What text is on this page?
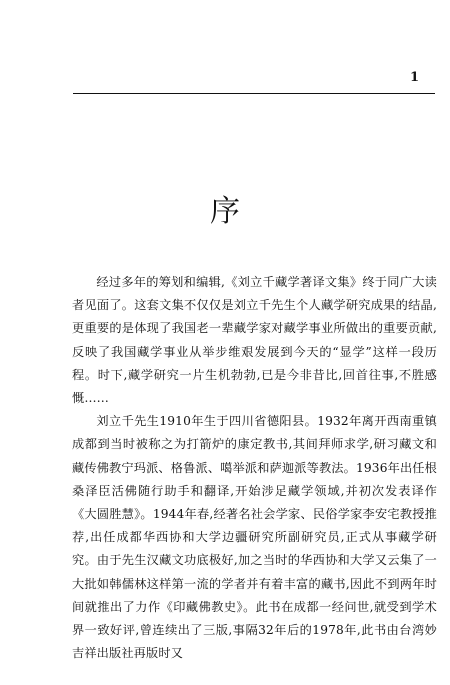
1
序

经过多年的筹划和编辑,《刘立千藏学著译文集》终于同广大读者见面了。这套文集不仅仅是刘立千先生个人藏学研究成果的结晶,更重要的是体现了我国老一辈藏学家对藏学事业所做出的重要贡献,反映了我国藏学事业从举步维艰发展到今天的“显学”这样一段历程。时下,藏学研究一片生机勃勃,已是今非昔比,回首往事,不胜感慨……

刘立千先生1910年生于四川省德阳县。1932年离开西南重镇成都到当时被称之为打箭炉的康定教书,其间拜师求学,研习藏文和藏传佛教宁玛派、格鲁派、噶举派和萨迦派等教法。1936年出任根桑泽臣活佛随行助手和翻译,开始涉足藏学领域,并初次发表译作《大圆胜慧》。1944年春,经著名社会学家、民俗学家李安宅教授推荐,出任成都华西协和大学边疆研究所副研究员,正式从事藏学研究。由于先生汉藏文功底极好,加之当时的华西协和大学又云集了一大批如韩儒林这样第一流的学者并有着丰富的藏书,因此不到两年时间就推出了力作《印藏佛教史》。此书在成都一经问世,就受到学术界一致好评,曾连续出了三版,事隔32年后的1978年,此书由台湾妙吉祥出版社再版时又
